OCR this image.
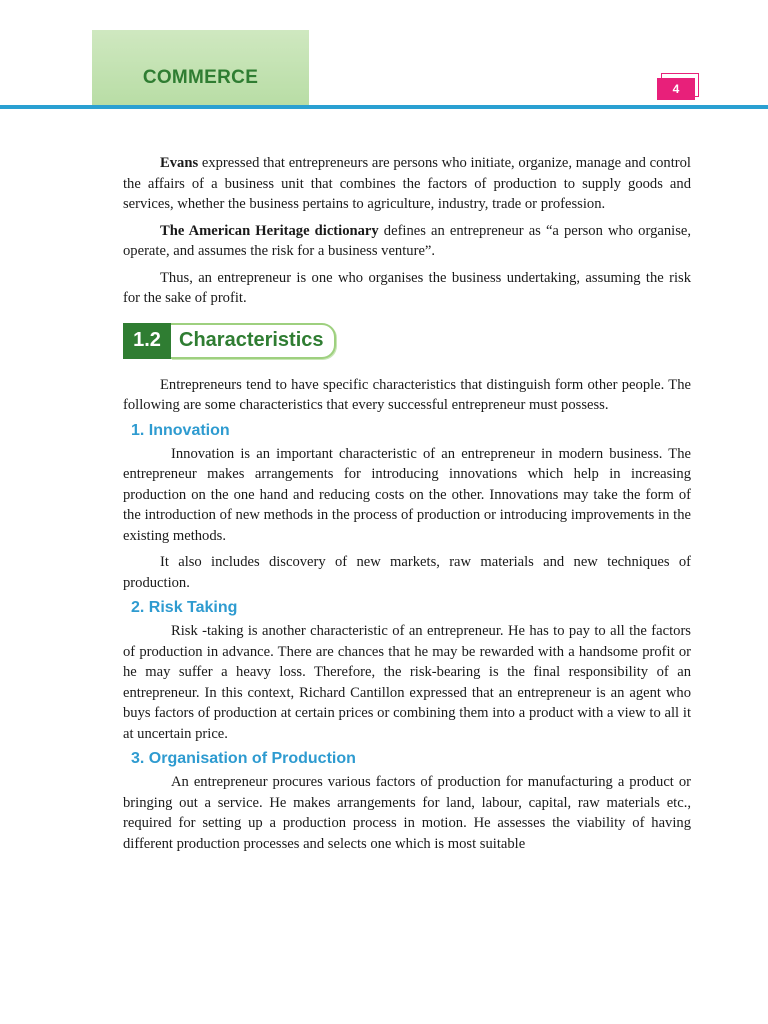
COMMERCE
4

Evans expressed that entrepreneurs are persons who initiate, organize, manage and control the affairs of a business unit that combines the factors of production to supply goods and services, whether the business pertains to agriculture, industry, trade or profession.

The American Heritage dictionary defines an entrepreneur as “a person who organise, operate, and assumes the risk for a business venture”.

Thus, an entrepreneur is one who organises the business undertaking, assuming the risk for the sake of profit.

1.2 Characteristics

Entrepreneurs tend to have specific characteristics that distinguish form other people. The following are some characteristics that every successful entrepreneur must possess.

1. Innovation

Innovation is an important characteristic of an entrepreneur in modern business. The entrepreneur makes arrangements for introducing innovations which help in increasing production on the one hand and reducing costs on the other. Innovations may take the form of the introduction of new methods in the process of production or introducing improvements in the existing methods.

It also includes discovery of new markets, raw materials and new techniques of production.

2. Risk Taking

Risk -taking is another characteristic of an entrepreneur. He has to pay to all the factors of production in advance. There are chances that he may be rewarded with a handsome profit or he may suffer a heavy loss. Therefore, the risk-bearing is the final responsibility of an entrepreneur. In this context, Richard Cantillon expressed that an entrepreneur is an agent who buys factors of production at certain prices or combining them into a product with a view to all it at uncertain price.

3. Organisation of Production

An entrepreneur procures various factors of production for manufacturing a product or bringing out a service. He makes arrangements for land, labour, capital, raw materials etc., required for setting up a production process in motion. He assesses the viability of having different production processes and selects one which is most suitable
